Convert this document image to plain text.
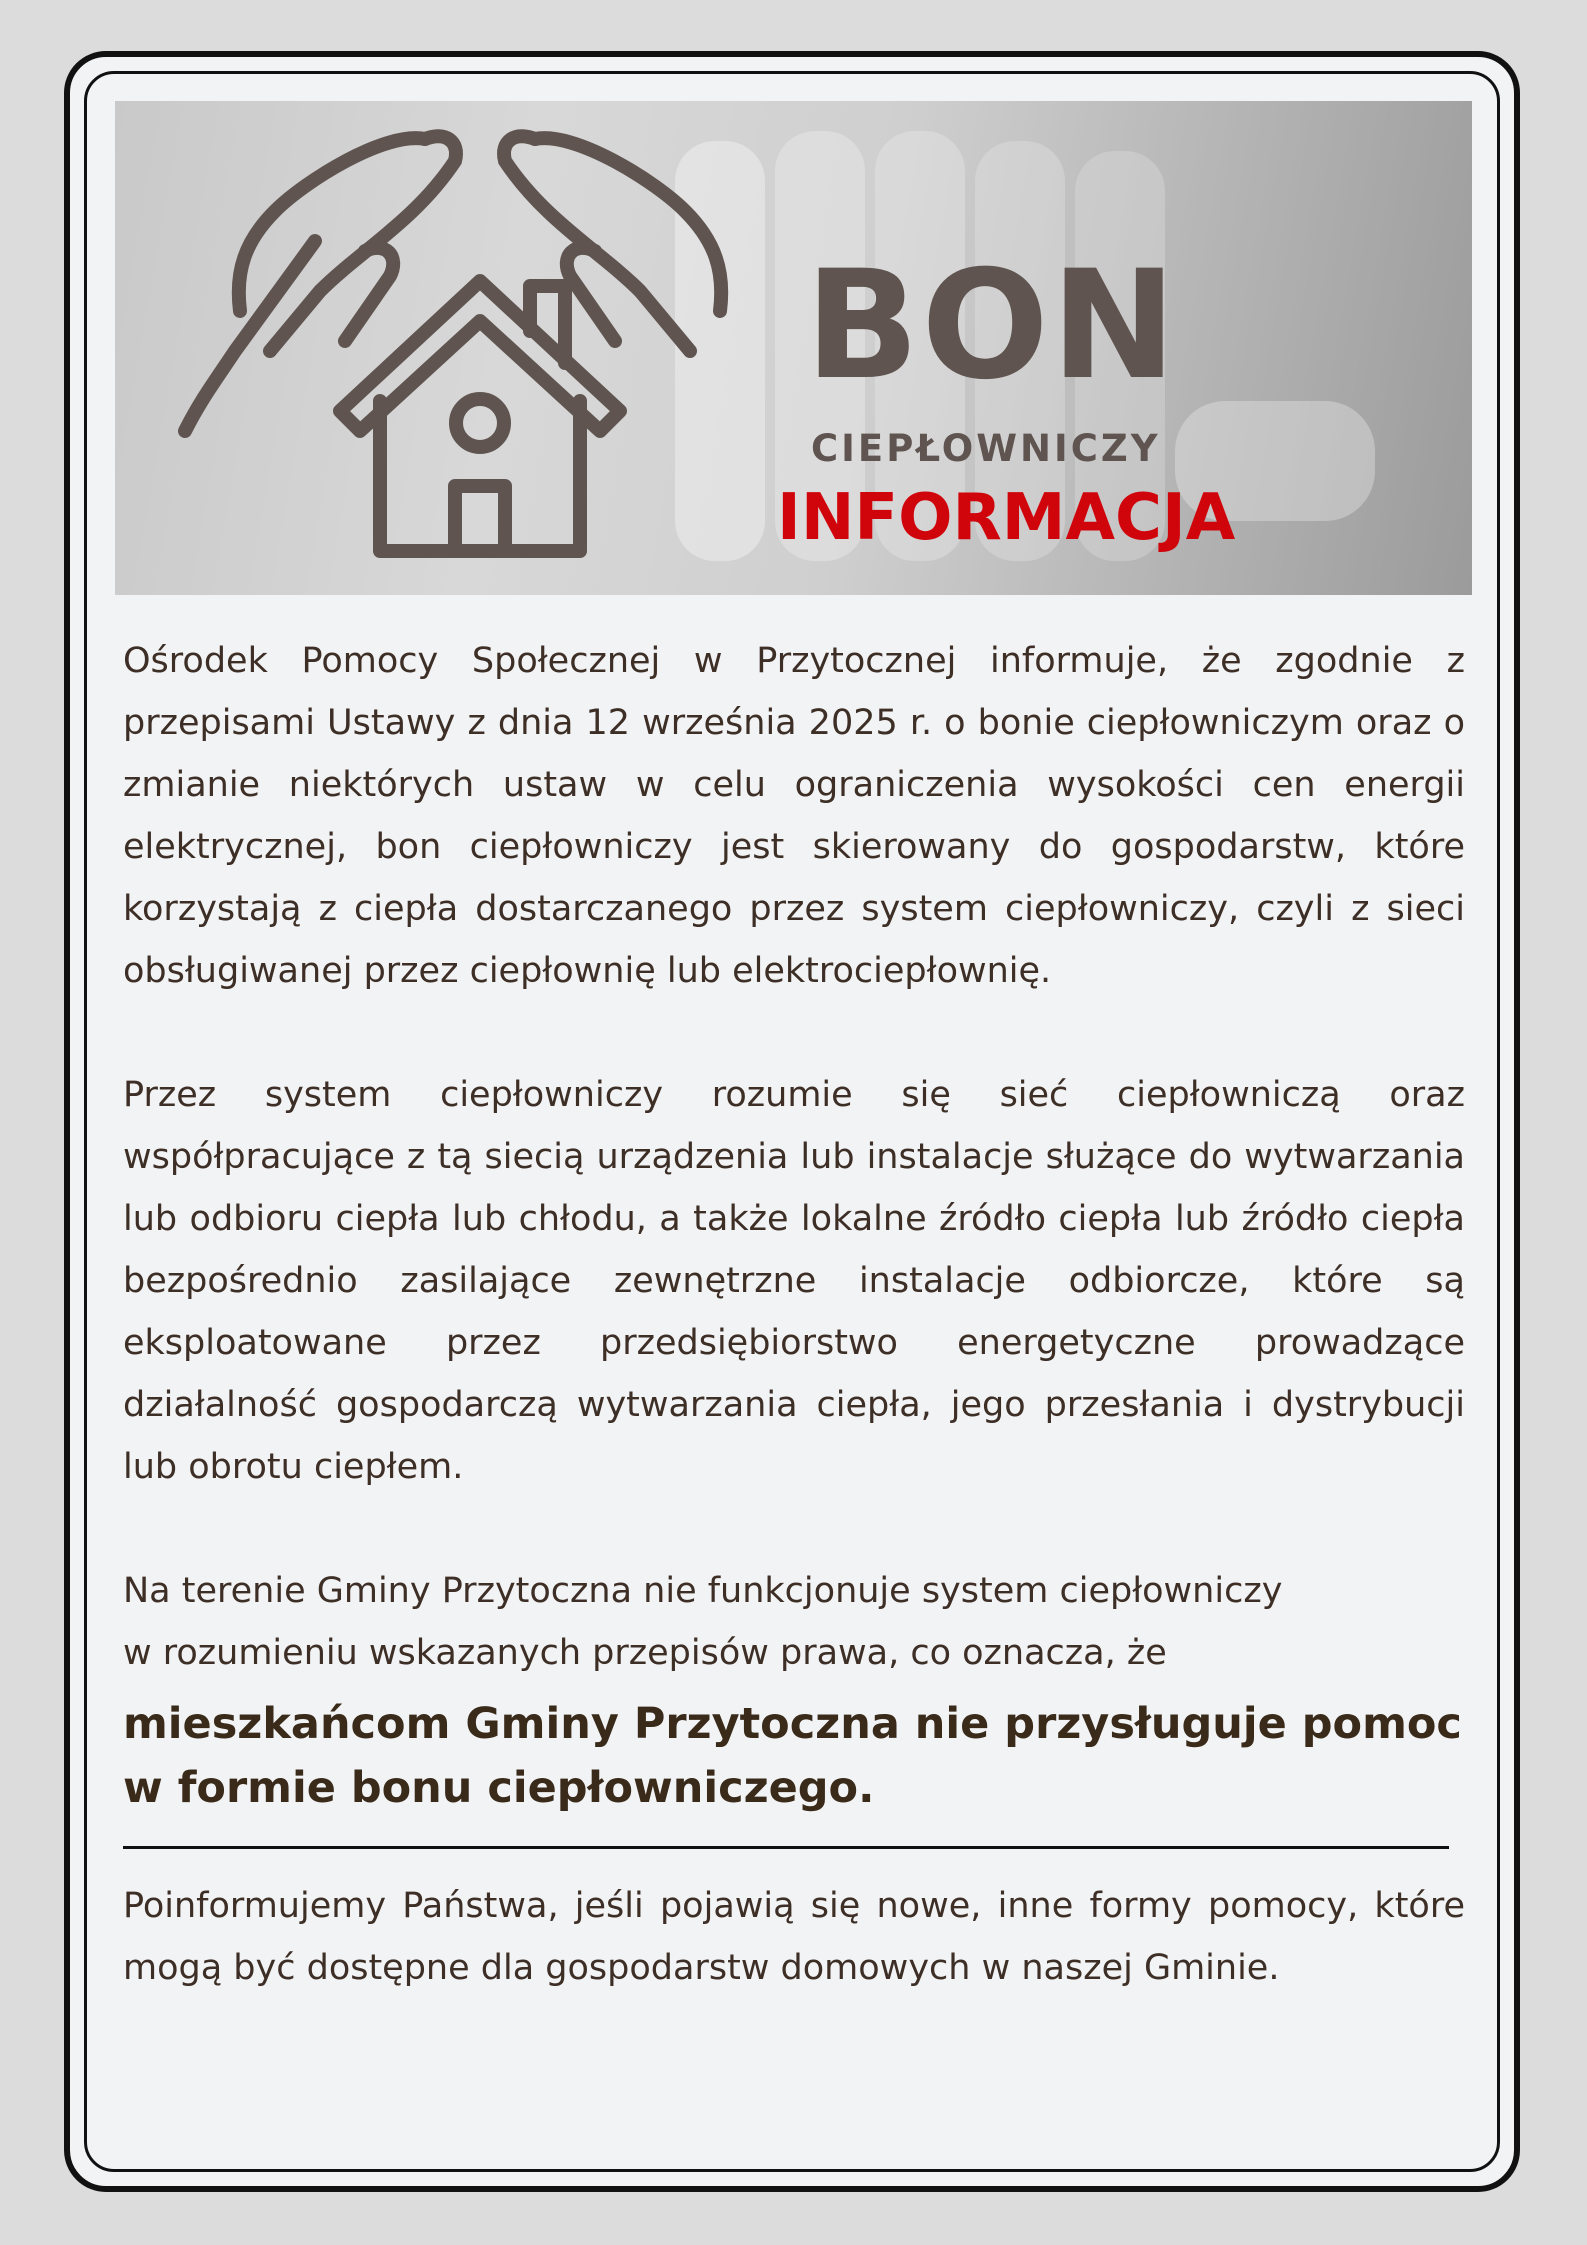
BON
CIEPŁOWNICZY
INFORMACJA

Ośrodek Pomocy Społecznej w Przytocznej informuje, że zgodnie z przepisami Ustawy z dnia 12 września 2025 r. o bonie ciepłowniczym oraz o zmianie niektórych ustaw w celu ograniczenia wysokości cen energii elektrycznej, bon ciepłowniczy jest skierowany do gospodarstw, które korzystają z ciepła dostarczanego przez system ciepłowniczy, czyli z sieci obsługiwanej przez ciepłownię lub elektrociepłownię.

Przez system ciepłowniczy rozumie się sieć ciepłowniczą oraz współpracujące z tą siecią urządzenia lub instalacje służące do wytwarzania lub odbioru ciepła lub chłodu, a także lokalne źródło ciepła lub źródło ciepła bezpośrednio zasilające zewnętrzne instalacje odbiorcze, które są eksploatowane przez przedsiębiorstwo energetyczne prowadzące działalność gospodarczą wytwarzania ciepła, jego przesłania i dystrybucji lub obrotu ciepłem.

Na terenie Gminy Przytoczna nie funkcjonuje system ciepłowniczy
w rozumieniu wskazanych przepisów prawa, co oznacza, że

mieszkańcom Gminy Przytoczna nie przysługuje pomoc
w formie bonu ciepłowniczego.

Poinformujemy Państwa, jeśli pojawią się nowe, inne formy pomocy, które mogą być dostępne dla gospodarstw domowych w naszej Gminie.
